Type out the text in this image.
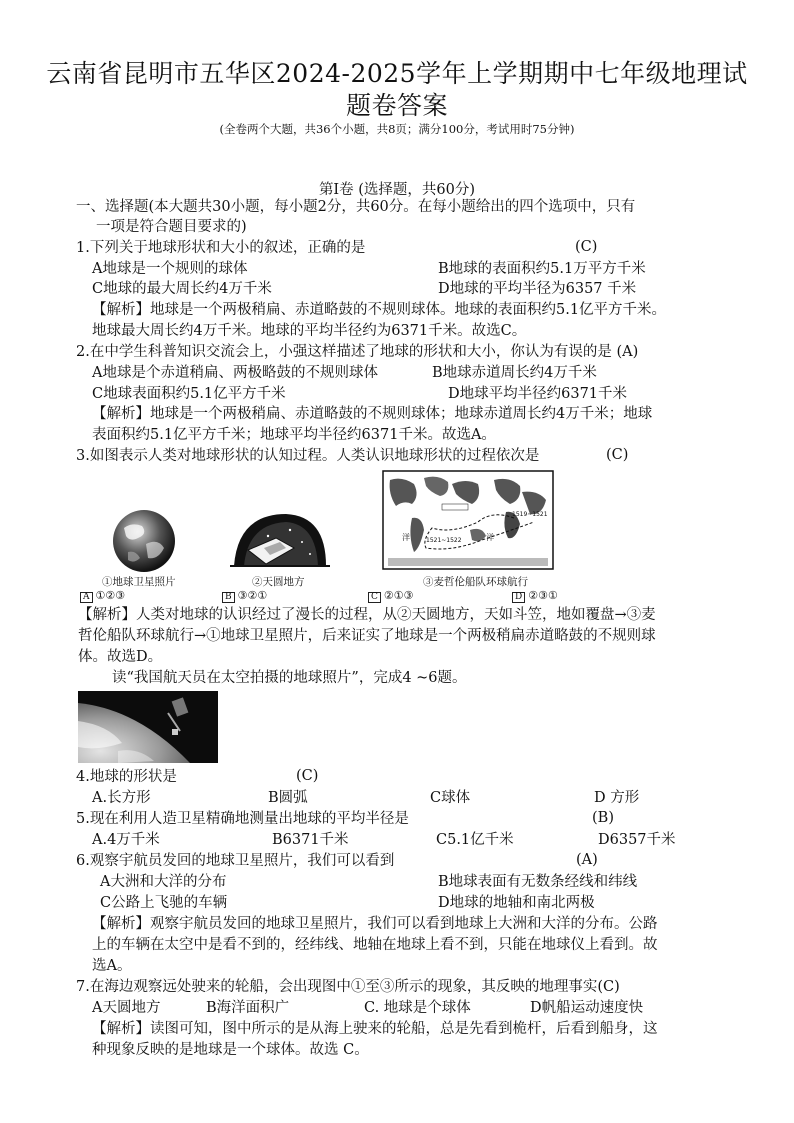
云南省昆明市五华区2024-2025学年上学期期中七年级地理试
题卷答案
(全卷两个大题，共36个小题，共8页；满分100分，考试用时75分钟)
第Ⅰ卷 (选择题，共60分)
一、选择题(本大题共30小题，每小题2分，共60分。在每小题给出的四个选项中，只有
一项是符合题目要求的)
1.下列关于地球形状和大小的叙述，正确的是	(C)
A地球是一个规则的球体	B地球的表面积约5.1万平方千米
C地球的最大周长约4万千米	D地球的平均半径为6357 千米
【解析】地球是一个两极稍扁、赤道略鼓的不规则球体。地球的表面积约5.1亿平方千米。
地球最大周长约4万千米。地球的平均半径约为6371千米。故选C。
2.在中学生科普知识交流会上，小强这样描述了地球的形状和大小，你认为有误的是 (A)
A地球是个赤道稍扁、两极略鼓的不规则球体	B地球赤道周长约4万千米
C地球表面积约5.1亿平方千米	D地球平均半径约6371千米
【解析】地球是一个两极稍扁、赤道略鼓的不规则球体；地球赤道周长约4万千米；地球
表面积约5.1亿平方千米；地球平均半径约6371千米。故选A。
3.如图表示人类对地球形状的认知过程。人类认识地球形状的过程依次是	(C)
①地球卫星照片	②天圆地方
1519~1521
1521~1522
洋	洋
③麦哲伦船队环球航行
A ①②③	B ③②①	C ②①③	D ②③①
【解析】人类对地球的认识经过了漫长的过程，从②天圆地方，天如斗笠，地如覆盘→③麦
哲伦船队环球航行→①地球卫星照片，后来证实了地球是一个两极稍扁赤道略鼓的不规则球
体。故选D。
读“我国航天员在太空拍摄的地球照片”，完成4 ~6题。
4.地球的形状是	(C)
A.长方形	B圆弧	C球体	D 方形
5.现在利用人造卫星精确地测量出地球的平均半径是	(B)
A.4万千米	B6371千米	C5.1亿千米	D6357千米
6.观察宇航员发回的地球卫星照片，我们可以看到	(A)
A大洲和大洋的分布	B地球表面有无数条经线和纬线
C公路上飞驰的车辆	D地球的地轴和南北两极
【解析】观察宇航员发回的地球卫星照片，我们可以看到地球上大洲和大洋的分布。公路
上的车辆在太空中是看不到的，经纬线、地轴在地球上看不到，只能在地球仪上看到。故
选A。
7.在海边观察远处驶来的轮船，会出现图中①至③所示的现象，其反映的地理事实(C)
A天圆地方	B海洋面积广	C. 地球是个球体	D帆船运动速度快
【解析】读图可知，图中所示的是从海上驶来的轮船，总是先看到桅杆，后看到船身，这
种现象反映的是地球是一个球体。故选 C。
